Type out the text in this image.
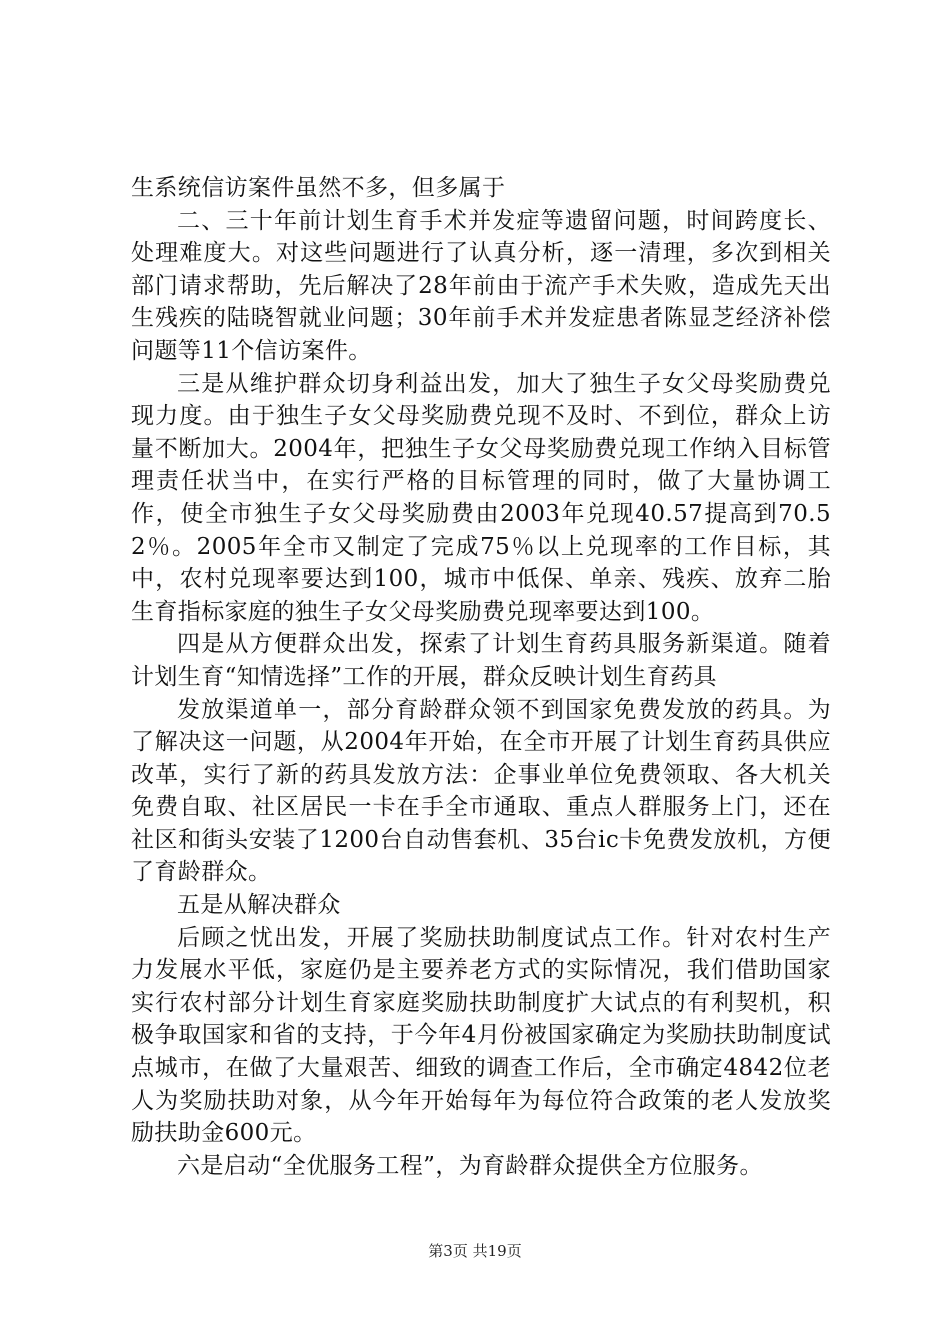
生系统信访案件虽然不多，但多属于

二、三十年前计划生育手术并发症等遗留问题，时间跨度长、处理难度大。对这些问题进行了认真分析，逐一清理，多次到相关部门请求帮助，先后解决了28年前由于流产手术失败，造成先天出生残疾的陆晓智就业问题；30年前手术并发症患者陈显芝经济补偿问题等11个信访案件。

三是从维护群众切身利益出发，加大了独生子女父母奖励费兑现力度。由于独生子女父母奖励费兑现不及时、不到位，群众上访量不断加大。2004年，把独生子女父母奖励费兑现工作纳入目标管理责任状当中，在实行严格的目标管理的同时，做了大量协调工作，使全市独生子女父母奖励费由2003年兑现40.57提高到70.52％。2005年全市又制定了完成75％以上兑现率的工作目标，其中，农村兑现率要达到100，城市中低保、单亲、残疾、放弃二胎生育指标家庭的独生子女父母奖励费兑现率要达到100。

四是从方便群众出发，探索了计划生育药具服务新渠道。随着计划生育“知情选择”工作的开展，群众反映计划生育药具

发放渠道单一，部分育龄群众领不到国家免费发放的药具。为了解决这一问题，从2004年开始，在全市开展了计划生育药具供应改革，实行了新的药具发放方法：企事业单位免费领取、各大机关免费自取、社区居民一卡在手全市通取、重点人群服务上门，还在社区和街头安装了1200台自动售套机、35台ic卡免费发放机，方便了育龄群众。

五是从解决群众

后顾之忧出发，开展了奖励扶助制度试点工作。针对农村生产力发展水平低，家庭仍是主要养老方式的实际情况，我们借助国家实行农村部分计划生育家庭奖励扶助制度扩大试点的有利契机，积极争取国家和省的支持，于今年4月份被国家确定为奖励扶助制度试点城市，在做了大量艰苦、细致的调查工作后，全市确定4842位老人为奖励扶助对象，从今年开始每年为每位符合政策的老人发放奖励扶助金600元。

六是启动“全优服务工程”，为育龄群众提供全方位服务。

第3页 共19页
